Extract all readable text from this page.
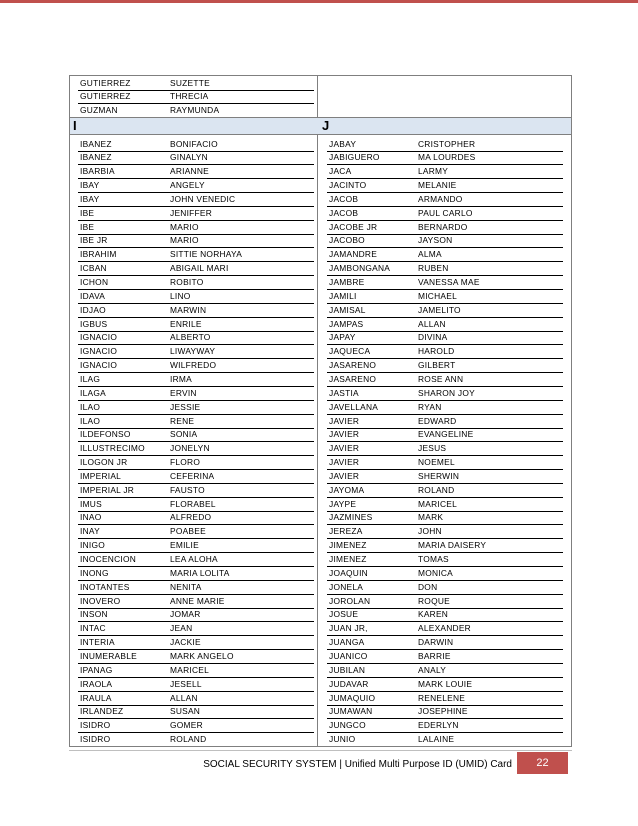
GUTIERREZ	SUZETTE
GUTIERREZ	THRECIA
GUZMAN	RAYMUNDA
I	J
IBANEZ	BONIFACIO
IBANEZ	GINALYN
IBARBIA	ARIANNE
IBAY	ANGELY
IBAY	JOHN VENEDIC
IBE	JENIFFER
IBE	MARIO
IBE JR	MARIO
IBRAHIM	SITTIE NORHAYA
ICBAN	ABIGAIL MARI
ICHON	ROBITO
IDAVA	LINO
IDJAO	MARWIN
IGBUS	ENRILE
IGNACIO	ALBERTO
IGNACIO	LIWAYWAY
IGNACIO	WILFREDO
ILAG	IRMA
ILAGA	ERVIN
ILAO	JESSIE
ILAO	RENE
ILDEFONSO	SONIA
ILLUSTRECIMO	JONELYN
ILOGON JR	FLORO
IMPERIAL	CEFERINA
IMPERIAL JR	FAUSTO
IMUS	FLORABEL
INAO	ALFREDO
INAY	POABEE
INIGO	EMILIE
INOCENCION	LEA ALOHA
INONG	MARIA LOLITA
INOTANTES	NENITA
INOVERO	ANNE MARIE
INSON	JOMAR
INTAC	JEAN
INTERIA	JACKIE
INUMERABLE	MARK ANGELO
IPANAG	MARICEL
IRAOLA	JESELL
IRAULA	ALLAN
IRLANDEZ	SUSAN
ISIDRO	GOMER
ISIDRO	ROLAND
JABAY	CRISTOPHER
JABIGUERO	MA LOURDES
JACA	LARMY
JACINTO	MELANIE
JACOB	ARMANDO
JACOB	PAUL CARLO
JACOBE JR	BERNARDO
JACOBO	JAYSON
JAMANDRE	ALMA
JAMBONGANA	RUBEN
JAMBRE	VANESSA MAE
JAMILI	MICHAEL
JAMISAL	JAMELITO
JAMPAS	ALLAN
JAPAY	DIVINA
JAQUECA	HAROLD
JASARENO	GILBERT
JASARENO	ROSE ANN
JASTIA	SHARON JOY
JAVELLANA	RYAN
JAVIER	EDWARD
JAVIER	EVANGELINE
JAVIER	JESUS
JAVIER	NOEMEL
JAVIER	SHERWIN
JAYOMA	ROLAND
JAYPE	MARICEL
JAZMINES	MARK
JEREZA	JOHN
JIMENEZ	MARIA DAISERY
JIMENEZ	TOMAS
JOAQUIN	MONICA
JONELA	DON
JOROLAN	ROQUE
JOSUE	KAREN
JUAN JR,	ALEXANDER
JUANGA	DARWIN
JUANICO	BARRIE
JUBILAN	ANALY
JUDAVAR	MARK LOUIE
JUMAQUIO	RENELENE
JUMAWAN	JOSEPHINE
JUNGCO	EDERLYN
JUNIO	LALAINE
SOCIAL SECURITY SYSTEM | Unified Multi Purpose ID (UMID) Card	22
